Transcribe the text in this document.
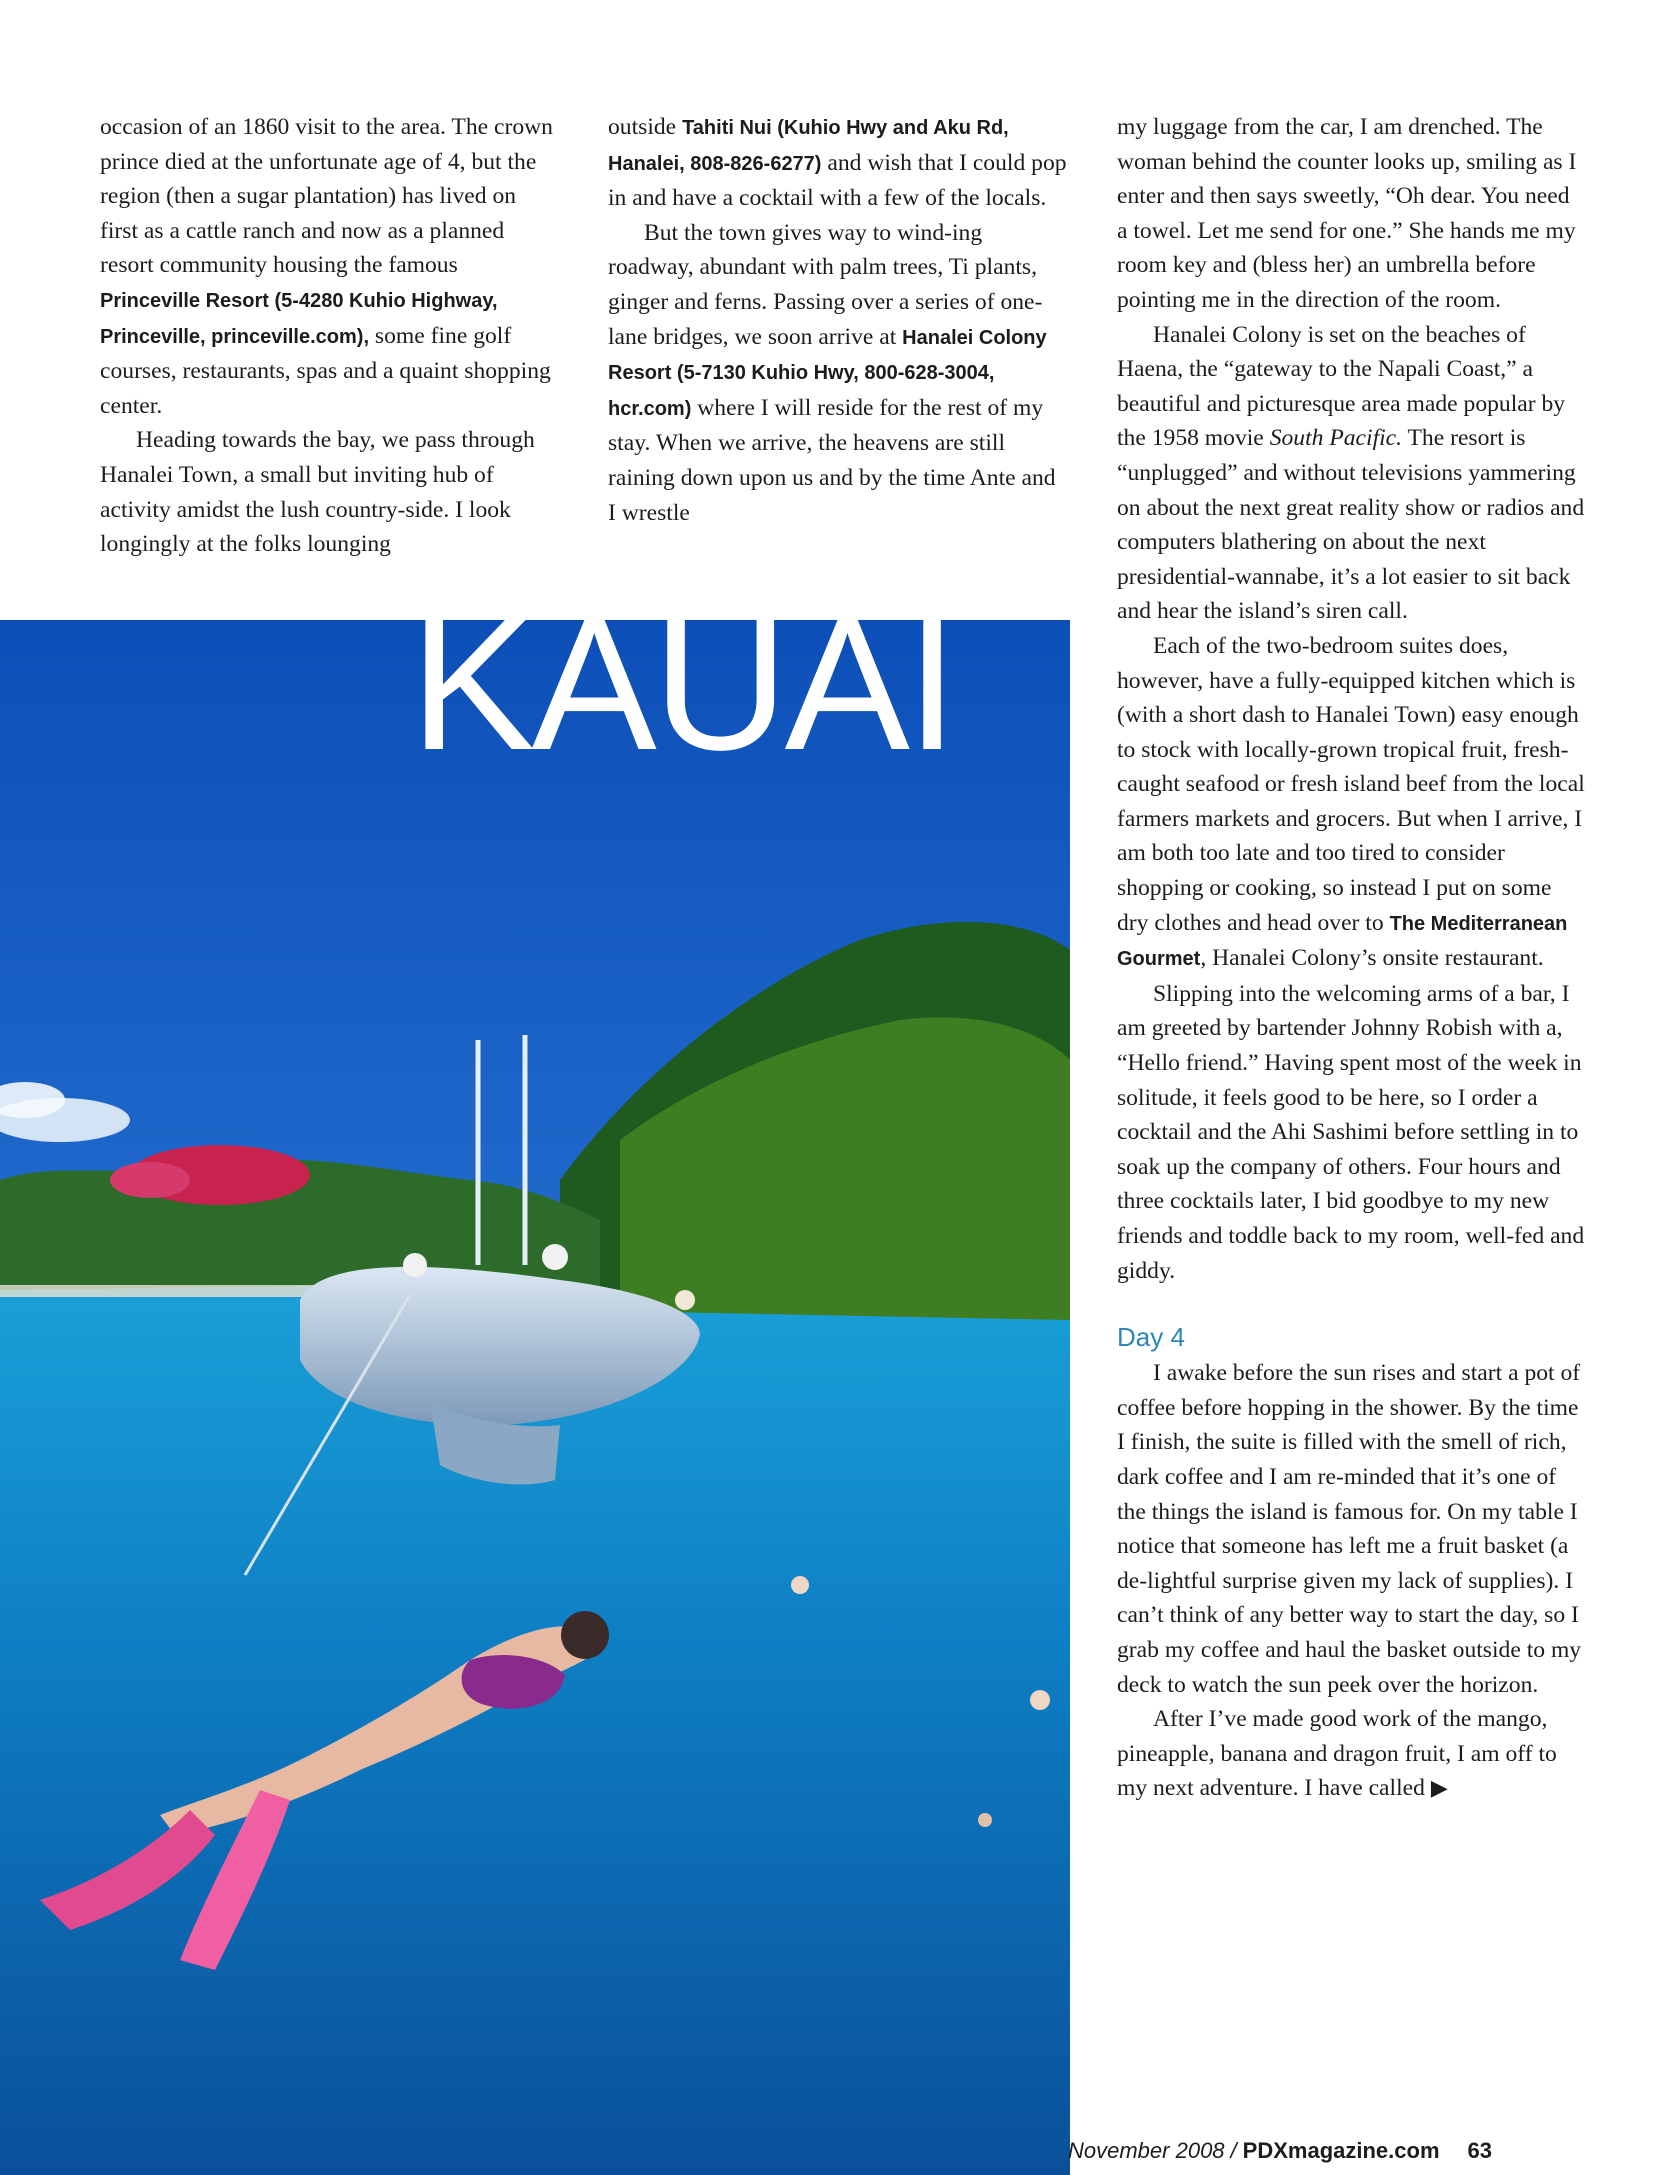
occasion of an 1860 visit to the area. The crown prince died at the unfortunate age of 4, but the region (then a sugar plantation) has lived on first as a cattle ranch and now as a planned resort community housing the famous Princeville Resort (5-4280 Kuhio Highway, Princeville, princeville.com), some fine golf courses, restaurants, spas and a quaint shopping center.

Heading towards the bay, we pass through Hanalei Town, a small but inviting hub of activity amidst the lush country-side. I look longingly at the folks lounging

outside Tahiti Nui (Kuhio Hwy and Aku Rd, Hanalei, 808-826-6277) and wish that I could pop in and have a cocktail with a few of the locals.

But the town gives way to wind-ing roadway, abundant with palm trees, Ti plants, ginger and ferns. Passing over a series of one-lane bridges, we soon arrive at Hanalei Colony Resort (5-7130 Kuhio Hwy, 800-628-3004, hcr.com) where I will reside for the rest of my stay. When we arrive, the heavens are still raining down upon us and by the time Ante and I wrestle

KAUAI

my luggage from the car, I am drenched. The woman behind the counter looks up, smiling as I enter and then says sweetly, “Oh dear. You need a towel. Let me send for one.” She hands me my room key and (bless her) an umbrella before pointing me in the direction of the room.

Hanalei Colony is set on the beaches of Haena, the “gateway to the Napali Coast,” a beautiful and picturesque area made popular by the 1958 movie South Pacific. The resort is “unplugged” and without televisions yammering on about the next great reality show or radios and computers blathering on about the next presidential-wannabe, it’s a lot easier to sit back and hear the island’s siren call.

Each of the two-bedroom suites does, however, have a fully-equipped kitchen which is (with a short dash to Hanalei Town) easy enough to stock with locally-grown tropical fruit, fresh-caught seafood or fresh island beef from the local farmers markets and grocers. But when I arrive, I am both too late and too tired to consider shopping or cooking, so instead I put on some dry clothes and head over to The Mediterranean Gourmet, Hanalei Colony’s onsite restaurant.

Slipping into the welcoming arms of a bar, I am greeted by bartender Johnny Robish with a, “Hello friend.” Having spent most of the week in solitude, it feels good to be here, so I order a cocktail and the Ahi Sashimi before settling in to soak up the company of others. Four hours and three cocktails later, I bid goodbye to my new friends and toddle back to my room, well-fed and giddy.

Day 4

I awake before the sun rises and start a pot of coffee before hopping in the shower. By the time I finish, the suite is filled with the smell of rich, dark coffee and I am re-minded that it’s one of the things the island is famous for. On my table I notice that someone has left me a fruit basket (a de-lightful surprise given my lack of supplies). I can’t think of any better way to start the day, so I grab my coffee and haul the basket outside to my deck to watch the sun peek over the horizon.

After I’ve made good work of the mango, pineapple, banana and dragon fruit, I am off to my next adventure. I have called ▶

November 2008 / PDXmagazine.com 63
